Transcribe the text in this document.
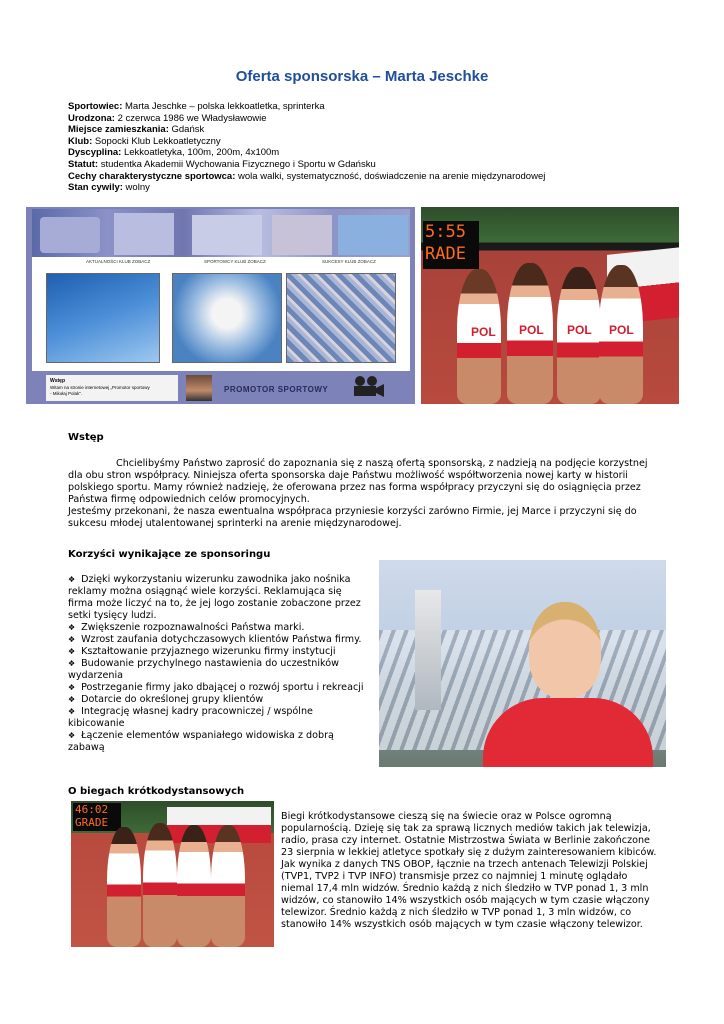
Oferta sponsorska – Marta Jeschke
Sportowiec: Marta Jeschke – polska lekkoatletka, sprinterka
Urodzona: 2 czerwca 1986 we Władysławowie
Miejsce zamieszkania: Gdańsk
Klub: Sopocki Klub Lekkoatletyczny
Dyscyplina: Lekkoatletyka, 100m, 200m, 4x100m
Statut: studentka Akademii Wychowania Fizycznego i Sportu w Gdańsku
Cechy charakterystyczne sportowca: wola walki, systematyczność, doświadczenie na arenie międzynarodowej
Stan cywily: wolny
AKTUALNOŚCI KLUB ZOBACZ	SPORTOWCY KLUB ZOBACZ	SUKCESY KLUB ZOBACZ
Wstęp
Witam na stronie internetowej „Promotor sportowy - Mikołaj Polak".	PROMOTOR SPORTOWY
5:55
RADE
POL POL POL POL
Wstęp
Chcielibyśmy Państwo zaprosić do zapoznania się z naszą ofertą sponsorską, z nadzieją na podjęcie korzystnej dla obu stron współpracy. Niniejsza oferta sponsorska daje Państwu możliwość współtworzenia nowej karty w historii polskiego sportu. Mamy również nadzieję, że oferowana przez nas forma współpracy przyczyni się do osiągnięcia przez Państwa firmę odpowiednich celów promocyjnych.
Jesteśmy przekonani, że nasza ewentualna współpraca przyniesie korzyści zarówno Firmie, jej Marce i przyczyni się do sukcesu młodej utalentowanej sprinterki na arenie międzynarodowej.
Korzyści wynikające ze sponsoringu
❖ Dzięki wykorzystaniu wizerunku zawodnika jako nośnika reklamy można osiągnąć wiele korzyści. Reklamująca się firma może liczyć na to, że jej logo zostanie zobaczone przez setki tysięcy ludzi.
❖ Zwiększenie rozpoznawalności Państwa marki.
❖ Wzrost zaufania dotychczasowych klientów Państwa firmy.
❖ Kształtowanie przyjaznego wizerunku firmy instytucji
❖ Budowanie przychylnego nastawienia do uczestników wydarzenia
❖ Postrzeganie firmy jako dbającej o rozwój sportu i rekreacji
❖ Dotarcie do określonej grupy klientów
❖ Integrację własnej kadry pracowniczej / wspólne kibicowanie
❖ Łączenie elementów wspaniałego widowiska z dobrą zabawą
O biegach krótkodystansowych
46:02
GRADE	Biegi krótkodystansowe cieszą się na świecie oraz w Polsce ogromną popularnością. Dzieję się tak za sprawą licznych mediów takich jak telewizja, radio, prasa czy internet. Ostatnie Mistrzostwa Świata w Berlinie zakończone 23 sierpnia w lekkiej atletyce spotkały się z dużym zainteresowaniem kibiców. Jak wynika z danych TNS OBOP, łącznie na trzech antenach Telewizji Polskiej (TVP1, TVP2 i TVP INFO) transmisje przez co najmniej 1 minutę oglądało niemal 17,4 mln widzów. Średnio każdą z nich śledziło w TVP ponad 1, 3 mln widzów, co stanowiło 14% wszystkich osób mających w tym czasie włączony telewizor. Średnio każdą z nich śledziło w TVP ponad 1, 3 mln widzów, co stanowiło 14% wszystkich osób mających w tym czasie włączony telewizor.
